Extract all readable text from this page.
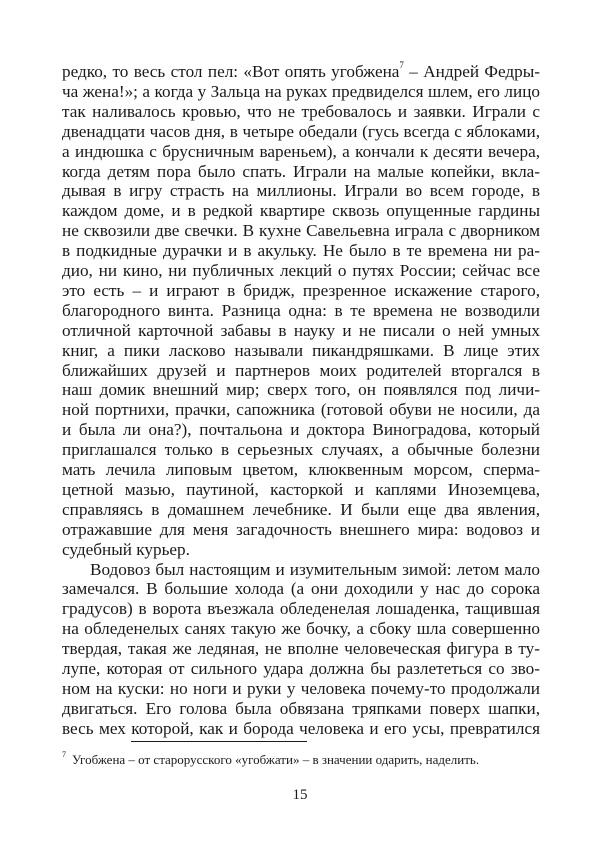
редко, то весь стол пел: «Вот опять угобжена$^7$ – Андрей Федры-
ча жена!»; а когда у Зальца на руках предвиделся шлем, его лицо
так наливалось кровью, что не требовалось и заявки. Играли с
двенадцати часов дня, в четыре обедали (гусь всегда с яблоками,
а индюшка с брусничным вареньем), а кончали к десяти вечера,
когда детям пора было спать. Играли на малые копейки, вкла-
дывая в игру страсть на миллионы. Играли во всем городе, в
каждом доме, и в редкой квартире сквозь опущенные гардины
не сквозили две свечки. В кухне Савельевна играла с дворником
в подкидные дурачки и в акульку. Не было в те времена ни ра-
дио, ни кино, ни публичных лекций о путях России; сейчас все
это есть – и играют в бридж, презренное искажение старого,
благородного винта. Разница одна: в те времена не возводили
отличной карточной забавы в науку и не писали о ней умных
книг, а пики ласково называли пикандряшками. В лице этих
ближайших друзей и партнеров моих родителей вторгался в
наш домик внешний мир; сверх того, он появлялся под личи-
ной портнихи, прачки, сапожника (готовой обуви не носили, да
и была ли она?), почтальона и доктора Виноградова, который
приглашался только в серьезных случаях, а обычные болезни
мать лечила липовым цветом, клюквенным морсом, сперма-
цетной мазью, паутиной, касторкой и каплями Иноземцева,
справляясь в домашнем лечебнике. И были еще два явления,
отражавшие для меня загадочность внешнего мира: водовоз и
судебный курьер.
Водовоз был настоящим и изумительным зимой: летом мало
замечался. В большие холода (а они доходили у нас до сорока
градусов) в ворота въезжала обледенелая лошаденка, тащившая
на обледенелых санях такую же бочку, а сбоку шла совершенно
твердая, такая же ледяная, не вполне человеческая фигура в ту-
лупе, которая от сильного удара должна бы разлететься со зво-
ном на куски: но ноги и руки у человека почему-то продолжали
двигаться. Его голова была обвязана тряпками поверх шапки,
весь мех которой, как и борода человека и его усы, превратился
$^7$ Угобжена – от старорусского «угобжати» – в значении одарить, наделить.
15
